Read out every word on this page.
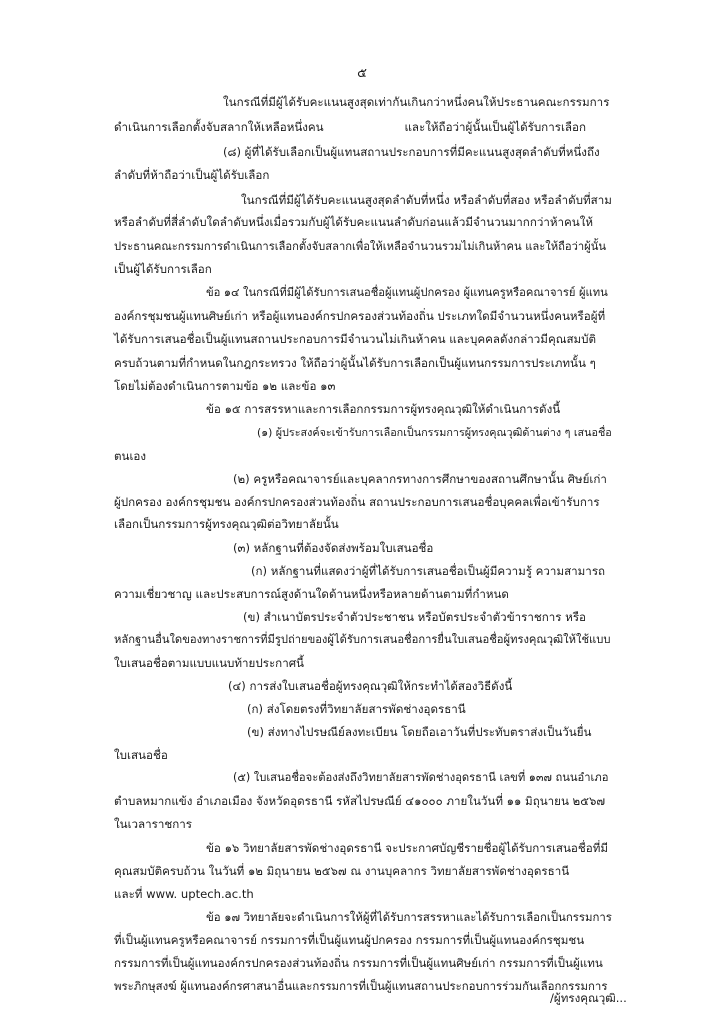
๕
ในกรณีที่มีผู้ได้รับคะแนนสูงสุดเท่ากันเกินกว่าหนึ่งคนให้ประธานคณะกรรมการ
ดำเนินการเลือกตั้งจับสลากให้เหลือหนึ่งคน และให้ถือว่าผู้นั้นเป็นผู้ได้รับการเลือก
(๘) ผู้ที่ได้รับเลือกเป็นผู้แทนสถานประกอบการที่มีคะแนนสูงสุดลำดับที่หนึ่งถึง
ลำดับที่ห้าถือว่าเป็นผู้ได้รับเลือก
ในกรณีที่มีผู้ได้รับคะแนนสูงสุดลำดับที่หนึ่ง หรือลำดับที่สอง หรือลำดับที่สาม
หรือลำดับที่สี่ลำดับใดลำดับหนึ่งเมื่อรวมกับผู้ได้รับคะแนนลำดับก่อนแล้วมีจำนวนมากกว่าห้าคนให้
ประธานคณะกรรมการดำเนินการเลือกตั้งจับสลากเพื่อให้เหลือจำนวนรวมไม่เกินห้าคน และให้ถือว่าผู้นั้น
เป็นผู้ได้รับการเลือก
ข้อ ๑๔ ในกรณีที่มีผู้ได้รับการเสนอชื่อผู้แทนผู้ปกครอง ผู้แทนครูหรือคณาจารย์ ผู้แทน
องค์กรชุมชนผู้แทนศิษย์เก่า หรือผู้แทนองค์กรปกครองส่วนท้องถิ่น ประเภทใดมีจำนวนหนึ่งคนหรือผู้ที่
ได้รับการเสนอชื่อเป็นผู้แทนสถานประกอบการมีจำนวนไม่เกินห้าคน และบุคคลดังกล่าวมีคุณสมบัติ
ครบถ้วนตามที่กำหนดในกฎกระทรวง ให้ถือว่าผู้นั้นได้รับการเลือกเป็นผู้แทนกรรมการประเภทนั้น ๆ
โดยไม่ต้องดำเนินการตามข้อ ๑๒ และข้อ ๑๓
ข้อ ๑๕ การสรรหาและการเลือกกรรมการผู้ทรงคุณวุฒิให้ดำเนินการดังนี้
(๑) ผู้ประสงค์จะเข้ารับการเลือกเป็นกรรมการผู้ทรงคุณวุฒิด้านต่าง ๆ เสนอชื่อ
ตนเอง
(๒) ครูหรือคณาจารย์และบุคลากรทางการศึกษาของสถานศึกษานั้น ศิษย์เก่า
ผู้ปกครอง องค์กรชุมชน องค์กรปกครองส่วนท้องถิ่น สถานประกอบการเสนอชื่อบุคคลเพื่อเข้ารับการ
เลือกเป็นกรรมการผู้ทรงคุณวุฒิต่อวิทยาลัยนั้น
(๓) หลักฐานที่ต้องจัดส่งพร้อมใบเสนอชื่อ
(ก) หลักฐานที่แสดงว่าผู้ที่ได้รับการเสนอชื่อเป็นผู้มีความรู้ ความสามารถ
ความเชี่ยวชาญ และประสบการณ์สูงด้านใดด้านหนึ่งหรือหลายด้านตามที่กำหนด
(ข) สำเนาบัตรประจำตัวประชาชน หรือบัตรประจำตัวข้าราชการ หรือ
หลักฐานอื่นใดของทางราชการที่มีรูปถ่ายของผู้ได้รับการเสนอชื่อการยื่นใบเสนอชื่อผู้ทรงคุณวุฒิให้ใช้แบบ
ใบเสนอชื่อตามแบบแนบท้ายประกาศนี้
(๔) การส่งใบเสนอชื่อผู้ทรงคุณวุฒิให้กระทำได้สองวิธีดังนี้
(ก) ส่งโดยตรงที่วิทยาลัยสารพัดช่างอุดรธานี
(ข) ส่งทางไปรษณีย์ลงทะเบียน โดยถือเอาวันที่ประทับตราส่งเป็นวันยื่น
ใบเสนอชื่อ
(๕) ใบเสนอชื่อจะต้องส่งถึงวิทยาลัยสารพัดช่างอุดรธานี เลขที่ ๑๓๗ ถนนอำเภอ
ตำบลหมากแข้ง อำเภอเมือง จังหวัดอุดรธานี รหัสไปรษณีย์ ๔๑๐๐๐ ภายในวันที่ ๑๑ มิถุนายน ๒๕๖๗
ในเวลาราชการ
ข้อ ๑๖ วิทยาลัยสารพัดช่างอุดรธานี จะประกาศบัญชีรายชื่อผู้ได้รับการเสนอชื่อที่มี
คุณสมบัติครบถ้วน ในวันที่ ๑๒ มิถุนายน ๒๕๖๗ ณ งานบุคลากร วิทยาลัยสารพัดช่างอุดรธานี
และที่ www. uptech.ac.th
ข้อ ๑๗ วิทยาลัยจะดำเนินการให้ผู้ที่ได้รับการสรรหาและได้รับการเลือกเป็นกรรมการ
ที่เป็นผู้แทนครูหรือคณาจารย์ กรรมการที่เป็นผู้แทนผู้ปกครอง กรรมการที่เป็นผู้แทนองค์กรชุมชน
กรรมการที่เป็นผู้แทนองค์กรปกครองส่วนท้องถิ่น กรรมการที่เป็นผู้แทนศิษย์เก่า กรรมการที่เป็นผู้แทน
พระภิกษุสงฆ์ ผู้แทนองค์กรศาสนาอื่นและกรรมการที่เป็นผู้แทนสถานประกอบการร่วมกันเลือกกรรมการ
/ผู้ทรงคุณวุฒิ...
